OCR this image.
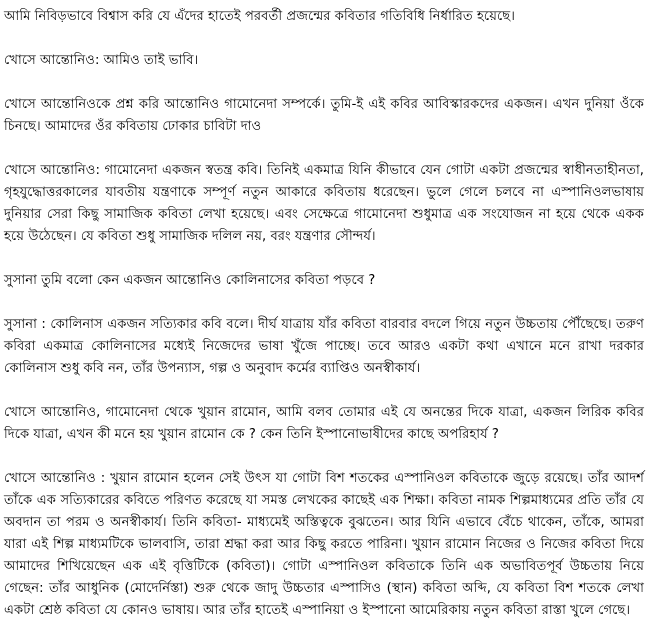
আমি নিবিড়ভাবে বিশ্বাস করি যে এঁদের হাতেই পরবর্তী প্রজন্মের কবিতার গতিবিধি নির্ধারিত হয়েছে।

খোসে আন্তোনিও: আমিও তাই ভাবি।

খোসে আন্তোনিওকে প্রশ্ন করি আন্তোনিও গামোনেদা সম্পর্কে। তুমি-ই এই কবির আবিস্কারকদের একজন। এখন দুনিয়া ওঁকে চিনছে। আমাদের ওঁর কবিতায় ঢোকার চাবিটা দাও

খোসে আন্তোনিও: গামোনেদা একজন স্বতন্ত্র কবি। তিনিই একমাত্র যিনি কীভাবে যেন গোটা একটা প্রজন্মের স্বাধীনতাহীনতা, গৃহযুদ্ধোত্তরকালের যাবতীয় যন্ত্রণাকে সম্পূর্ণ নতুন আকারে কবিতায় ধরেছেন। ভুলে গেলে চলবে না এস্পানিওলভাষায় দুনিয়ার সেরা কিছু সামাজিক কবিতা লেখা হয়েছে। এবং সেক্ষেত্রে গামোনেদা শুধুমাত্র এক সংযোজন না হয়ে থেকে একক হয়ে উঠেছেন। যে কবিতা শুধু সামাজিক দলিল নয়, বরং যন্ত্রণার সৌন্দর্য।

সুসানা তুমি বলো কেন একজন আন্তোনিও কোলিনাসের কবিতা পড়বে ?

সুসানা : কোলিনাস একজন সত্যিকার কবি বলে। দীর্ঘ যাত্রায় যাঁর কবিতা বারবার বদলে গিয়ে নতুন উচ্চতায় পৌঁছেছে। তরুণ কবিরা একমাত্র কোলিনাসের মধ্যেই নিজেদের ভাষা খুঁজে পাচ্ছে। তবে আরও একটা কথা এখানে মনে রাখা দরকার কোলিনাস শুধু কবি নন, তাঁর উপন্যাস, গল্প ও অনুবাদ কর্মের ব্যাপ্তিও অনস্বীকার্য।

খোসে আন্তোনিও, গামোনেদা থেকে খুয়ান রামোন, আমি বলব তোমার এই যে অনন্তের দিকে যাত্রা, একজন লিরিক কবির দিকে যাত্রা, এখন কী মনে হয় খুয়ান রামোন কে ? কেন তিনি ইস্পানোভাষীদের কাছে অপরিহার্য ?

খোসে আন্তোনিও : খুয়ান রামোন হলেন সেই উৎস যা গোটা বিশ শতকের এস্পানিওল কবিতাকে জুড়ে রয়েছে। তাঁর আদর্শ তাঁকে এক সত্যিকারের কবিতে পরিণত করেছে যা সমস্ত লেখকের কাছেই এক শিক্ষা। কবিতা নামক শিল্পমাধ্যমের প্রতি তাঁর যে অবদান তা পরম ও অনস্বীকার্য। তিনি কবিতা- মাধ্যমেই অস্তিত্বকে বুঝতেন। আর যিনি এভাবে বেঁচে থাকেন, তাঁকে, আমরা যারা এই শিল্প মাধ্যমটিকে ভালবাসি, তারা শ্রদ্ধা করা আর কিছু করতে পারিনা। খুয়ান রামোন নিজের ও নিজের কবিতা দিয়ে আমাদের শিখিয়েছেন এক এই বৃত্তিটিকে (কবিতা)। গোটা এস্পানিওল কবিতাকে তিনি এক অভাবিতপূর্ব উচ্চতায় নিয়ে গেছেন: তাঁর আধুনিক (মোদের্নিস্তা) শুরু থেকে জাদু উচ্চতার এস্পাসিও (স্থান) কবিতা অব্দি, যে কবিতা বিশ শতকে লেখা একটা শ্রেষ্ঠ কবিতা যে কোনও ভাষায়। আর তাঁর হাতেই এস্পানিয়া ও ইস্পানো আমেরিকায় নতুন কবিতা রাস্তা খুলে গেছে।
